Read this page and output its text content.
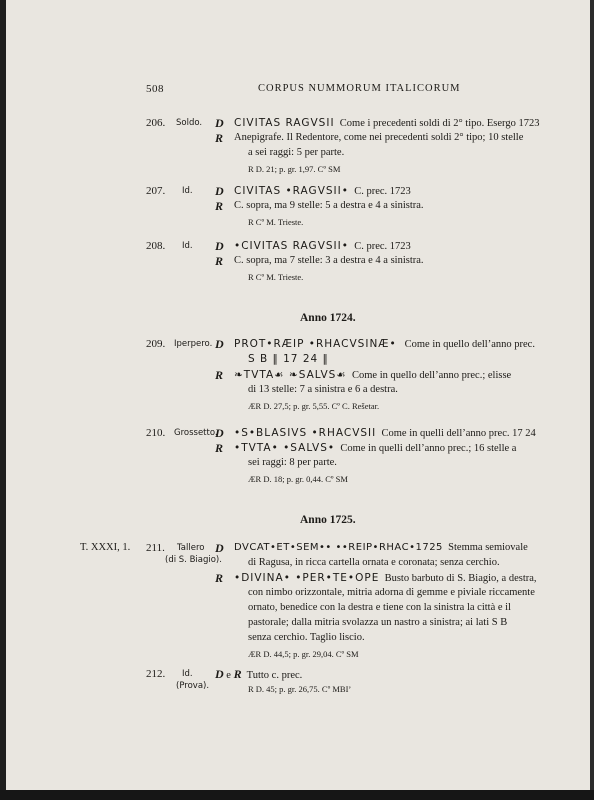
508	CORPUS NUMMORUM ITALICORUM
206. Soldo. D CIVITAS RAGVSII Come i precedenti soldi di 2° tipo. Esergo 1723
R Anepigrafe. Il Redentore, come nei precedenti soldi 2° tipo; 10 stelle
a sei raggi: 5 per parte.
R D. 21; p. gr. 1,97. Cº SM
207. Id. D CIVITAS •RAGVSII• C. prec. 1723
R C. sopra, ma 9 stelle: 5 a destra e 4 a sinistra.
R Cº M. Trieste.
208. Id. D •CIVITAS RAGVSII• C. prec. 1723
R C. sopra, ma 7 stelle: 3 a destra e 4 a sinistra.
R Cº M. Trieste.
Anno 1724.
209. Iperpero. D PROT•RÆIP •RHACVSINÆ• Come in quello dell’anno prec.
S B ‖ 17 24 ‖
R ❧TVTA☙ ❧SALVS☙ Come in quello dell’anno prec.; elisse
di 13 stelle: 7 a sinistra e 6 a destra.
ÆR D. 27,5; p. gr. 5,55. Cº C. Rešetar.
210. Grossetto.
D •S•BLASIVS •RHACVSII Come in quelli dell’anno prec. 17 24
R •TVTA• •SALVS• Come in quelli dell’anno prec.; 16 stelle a
sei raggi: 8 per parte.
ÆR D. 18; p. gr. 0,44. Cº SM
Anno 1725.
T. XXXI, 1. 211. Tallero
(di S. Biagio).
D DVCAT•ET•SEM•• ••REIP•RHAC•1725 Stemma semiovale
di Ragusa, in ricca cartella ornata e coronata; senza cerchio.
R •DIVINA• •PER•TE•OPE Busto barbuto di S. Biagio, a destra,
con nimbo orizzontale, mitria adorna di gemme e piviale riccamente
ornato, benedice con la destra e tiene con la sinistra la città e il
pastorale; dalla mitria svolazza un nastro a sinistra; ai lati S B
senza cerchio. Taglio liscio.
ÆR D. 44,5; p. gr. 29,04. Cº SM
212. Id.
(Prova).
D e R Tutto c. prec.
R D. 45; p. gr. 26,75. Cº MBI’
